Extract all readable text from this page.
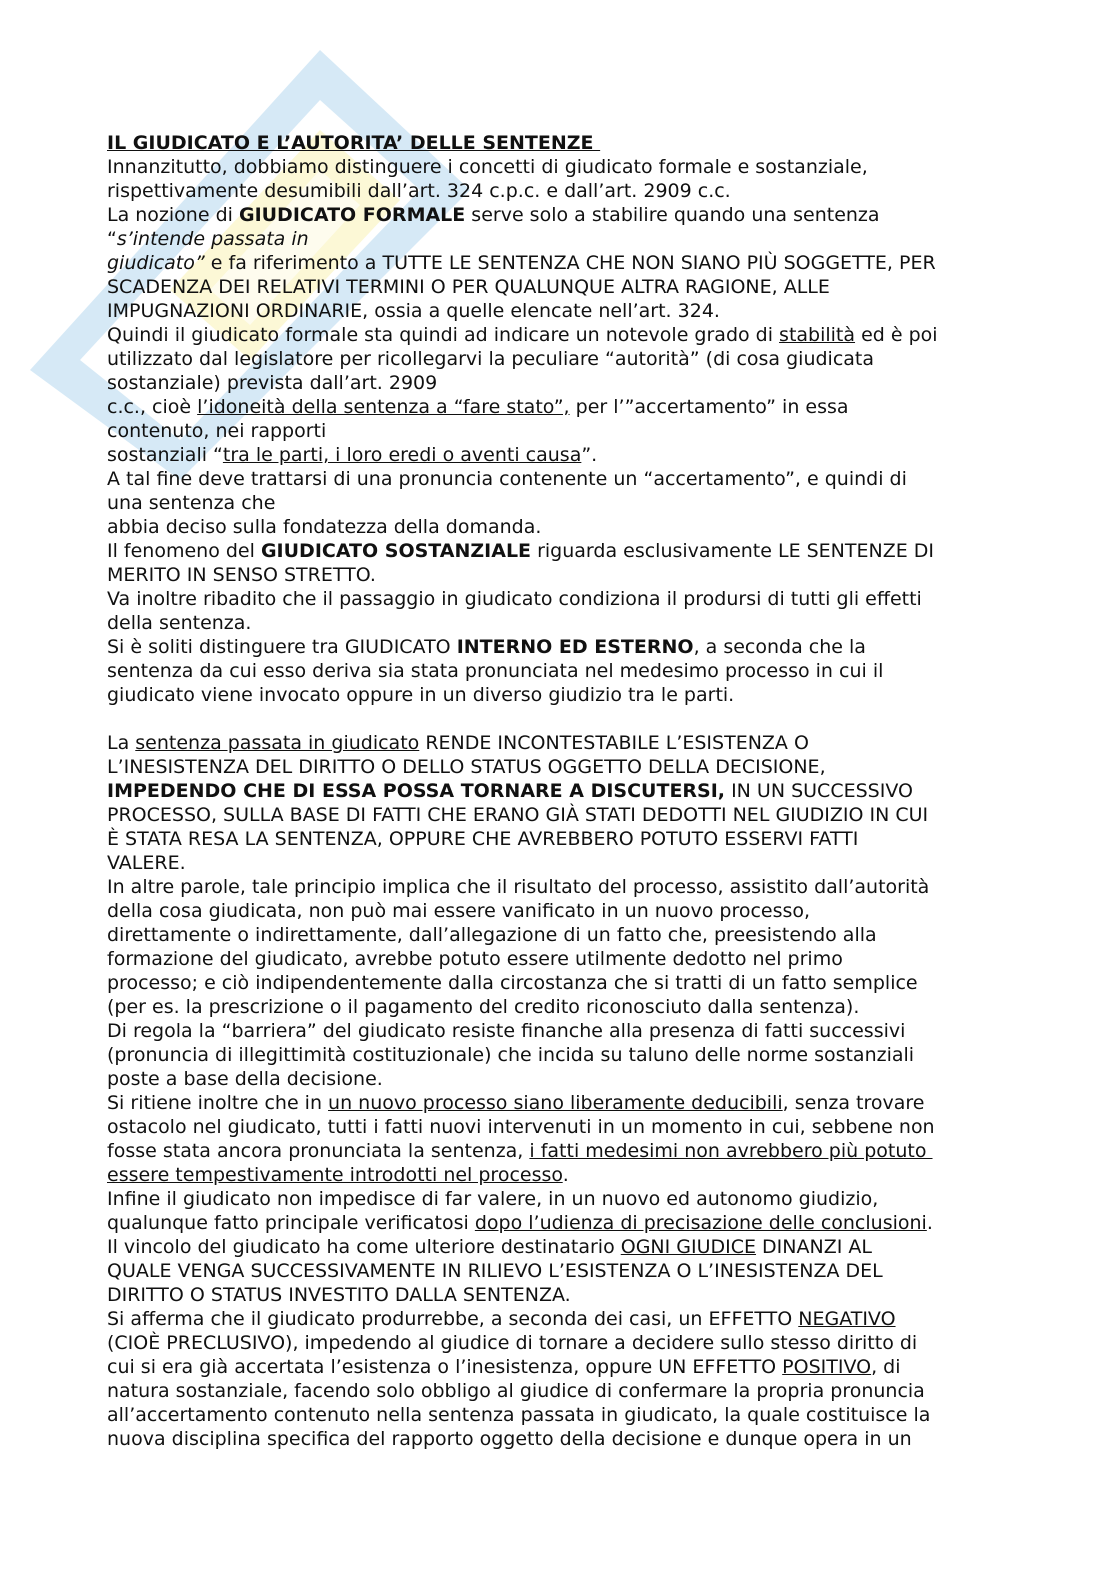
IL GIUDICATO E L’AUTORITA’ DELLE SENTENZE
Innanzitutto, dobbiamo distinguere i concetti di giudicato formale e sostanziale,
rispettivamente desumibili dall’art. 324 c.p.c. e dall’art. 2909 c.c.
La nozione di GIUDICATO FORMALE serve solo a stabilire quando una sentenza
“s’intende passata in
giudicato” e fa riferimento a TUTTE LE SENTENZA CHE NON SIANO PIÙ SOGGETTE, PER
SCADENZA DEI RELATIVI TERMINI O PER QUALUNQUE ALTRA RAGIONE, ALLE
IMPUGNAZIONI ORDINARIE, ossia a quelle elencate nell’art. 324.
Quindi il giudicato formale sta quindi ad indicare un notevole grado di stabilità ed è poi
utilizzato dal legislatore per ricollegarvi la peculiare “autorità” (di cosa giudicata
sostanziale) prevista dall’art. 2909
c.c., cioè l’idoneità della sentenza a “fare stato”, per l’”accertamento” in essa
contenuto, nei rapporti
sostanziali “tra le parti, i loro eredi o aventi causa”.
A tal fine deve trattarsi di una pronuncia contenente un “accertamento”, e quindi di
una sentenza che
abbia deciso sulla fondatezza della domanda.
Il fenomeno del GIUDICATO SOSTANZIALE riguarda esclusivamente LE SENTENZE DI
MERITO IN SENSO STRETTO.
Va inoltre ribadito che il passaggio in giudicato condiziona il prodursi di tutti gli effetti
della sentenza.
Si è soliti distinguere tra GIUDICATO INTERNO ED ESTERNO, a seconda che la
sentenza da cui esso deriva sia stata pronunciata nel medesimo processo in cui il
giudicato viene invocato oppure in un diverso giudizio tra le parti.

La sentenza passata in giudicato RENDE INCONTESTABILE L’ESISTENZA O
L’INESISTENZA DEL DIRITTO O DELLO STATUS OGGETTO DELLA DECISIONE,
IMPEDENDO CHE DI ESSA POSSA TORNARE A DISCUTERSI, IN UN SUCCESSIVO
PROCESSO, SULLA BASE DI FATTI CHE ERANO GIÀ STATI DEDOTTI NEL GIUDIZIO IN CUI
È STATA RESA LA SENTENZA, OPPURE CHE AVREBBERO POTUTO ESSERVI FATTI
VALERE.
In altre parole, tale principio implica che il risultato del processo, assistito dall’autorità
della cosa giudicata, non può mai essere vanificato in un nuovo processo,
direttamente o indirettamente, dall’allegazione di un fatto che, preesistendo alla
formazione del giudicato, avrebbe potuto essere utilmente dedotto nel primo
processo; e ciò indipendentemente dalla circostanza che si tratti di un fatto semplice
(per es. la prescrizione o il pagamento del credito riconosciuto dalla sentenza).
Di regola la “barriera” del giudicato resiste finanche alla presenza di fatti successivi
(pronuncia di illegittimità costituzionale) che incida su taluno delle norme sostanziali
poste a base della decisione.
Si ritiene inoltre che in un nuovo processo siano liberamente deducibili, senza trovare
ostacolo nel giudicato, tutti i fatti nuovi intervenuti in un momento in cui, sebbene non
fosse stata ancora pronunciata la sentenza, i fatti medesimi non avrebbero più potuto
essere tempestivamente introdotti nel processo.
Infine il giudicato non impedisce di far valere, in un nuovo ed autonomo giudizio,
qualunque fatto principale verificatosi dopo l’udienza di precisazione delle conclusioni.
Il vincolo del giudicato ha come ulteriore destinatario OGNI GIUDICE DINANZI AL
QUALE VENGA SUCCESSIVAMENTE IN RILIEVO L’ESISTENZA O L’INESISTENZA DEL
DIRITTO O STATUS INVESTITO DALLA SENTENZA.
Si afferma che il giudicato produrrebbe, a seconda dei casi, un EFFETTO NEGATIVO
(CIOÈ PRECLUSIVO), impedendo al giudice di tornare a decidere sullo stesso diritto di
cui si era già accertata l’esistenza o l’inesistenza, oppure UN EFFETTO POSITIVO, di
natura sostanziale, facendo solo obbligo al giudice di confermare la propria pronuncia
all’accertamento contenuto nella sentenza passata in giudicato, la quale costituisce la
nuova disciplina specifica del rapporto oggetto della decisione e dunque opera in un
